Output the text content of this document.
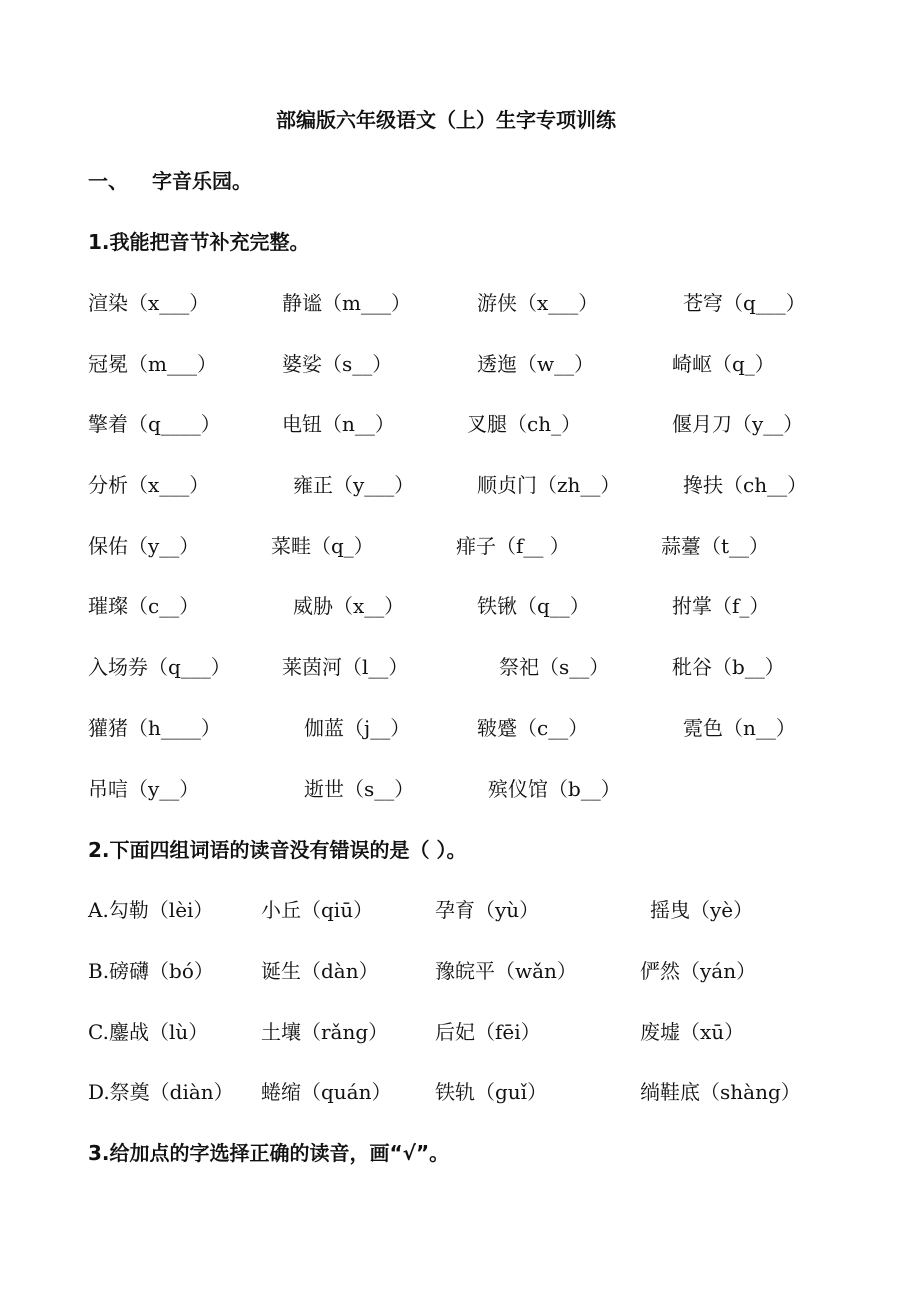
部编版六年级语文（上）生字专项训练
一、 字音乐园。
1.我能把音节补充完整。
渲染（x___）	静谧（m___）	游侠（x___）	苍穹（q___）
冠冕（m___）	婆娑（s__）	透迤（w__）	崎岖（q_）
擎着（q____）	电钮（n__）	叉腿（ch_）	偃月刀（y__）
分析（x___）	雍正（y___）	顺贞门（zh__）	搀扶（ch__）
保佑（y__）	菜畦（q_）	痱子（f__ ）	蒜薹（t__）
璀璨（c__）	威胁（x__）	铁锹（q__）	拊掌（f_）
入场券（q___）	莱茵河（l__）	祭祀（s__）	秕谷（b__）
獾猪（h____）	伽蓝（j__）	皲蹙（c__）	霓色（n__）
吊唁（y__）	逝世（s__）	殡仪馆（b__）
2.下面四组词语的读音没有错误的是（ ）。
A.勾勒（lèi） 小丘（qiū）	孕育（yù）	摇曳（yè）
B.磅礴（bó） 诞生（dàn）	豫皖平（wǎn）	俨然（yán）
C.鏖战（lù）	土壤（rǎng） 后妃（fēi）	废墟（xū）
D.祭奠（diàn） 蜷缩（quán） 铁轨（guǐ）	绱鞋底（shàng）
3.给加点的字选择正确的读音，画“√”。
